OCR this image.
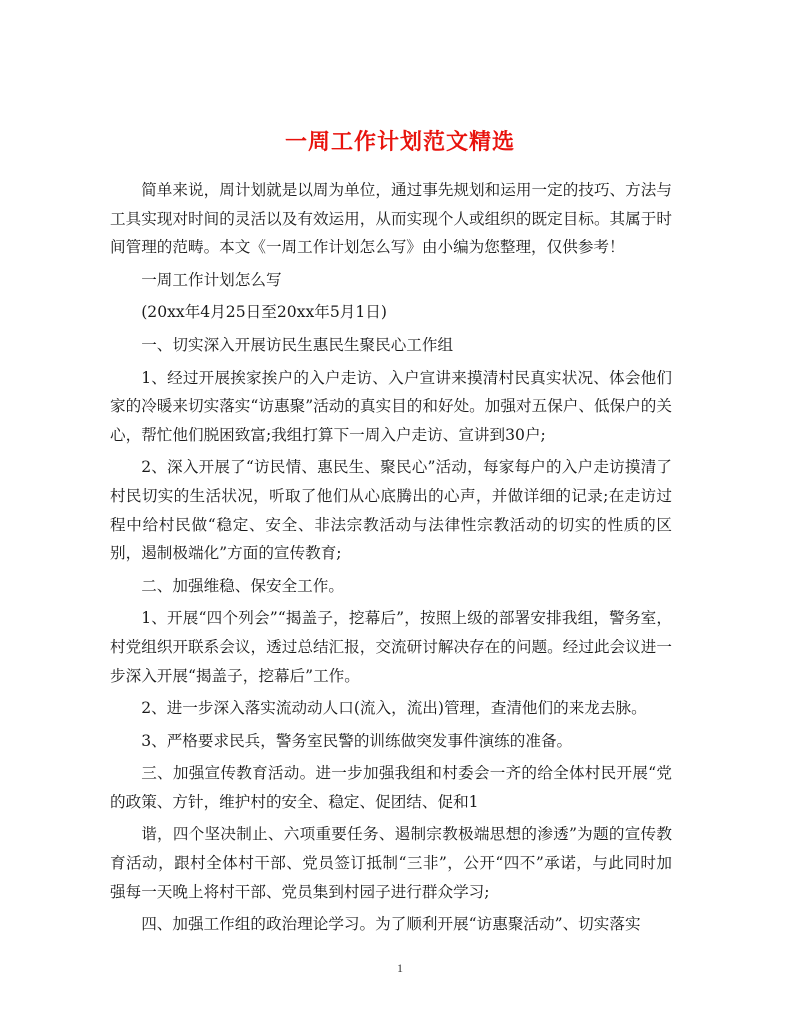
一周工作计划范文精选

简单来说，周计划就是以周为单位，通过事先规划和运用一定的技巧、方法与工具实现对时间的灵活以及有效运用，从而实现个人或组织的既定目标。其属于时间管理的范畴。本文《一周工作计划怎么写》由小编为您整理，仅供参考！

一周工作计划怎么写

(20xx年4月25日至20xx年5月1日)

一、切实深入开展访民生惠民生聚民心工作组

1、经过开展挨家挨户的入户走访、入户宣讲来摸清村民真实状况、体会他们家的冷暖来切实落实“访惠聚”活动的真实目的和好处。加强对五保户、低保户的关心，帮忙他们脱困致富;我组打算下一周入户走访、宣讲到30户;

2、深入开展了“访民情、惠民生、聚民心”活动，每家每户的入户走访摸清了村民切实的生活状况，听取了他们从心底腾出的心声，并做详细的记录;在走访过程中给村民做“稳定、安全、非法宗教活动与法律性宗教活动的切实的性质的区别，遏制极端化”方面的宣传教育;

二、加强维稳、保安全工作。

1、开展“四个列会”“揭盖子，挖幕后”，按照上级的部署安排我组，警务室，村党组织开联系会议，透过总结汇报，交流研讨解决存在的问题。经过此会议进一步深入开展“揭盖子，挖幕后”工作。

2、进一步深入落实流动动人口(流入，流出)管理，查清他们的来龙去脉。

3、严格要求民兵，警务室民警的训练做突发事件演练的准备。

三、加强宣传教育活动。进一步加强我组和村委会一齐的给全体村民开展“党的政策、方针，维护村的安全、稳定、促团结、促和1

谐，四个坚决制止、六项重要任务、遏制宗教极端思想的渗透”为题的宣传教育活动，跟村全体村干部、党员签订抵制“三非”，公开“四不”承诺，与此同时加强每一天晚上将村干部、党员集到村园子进行群众学习;

四、加强工作组的政治理论学习。为了顺利开展“访惠聚活动”、切实落实

1
